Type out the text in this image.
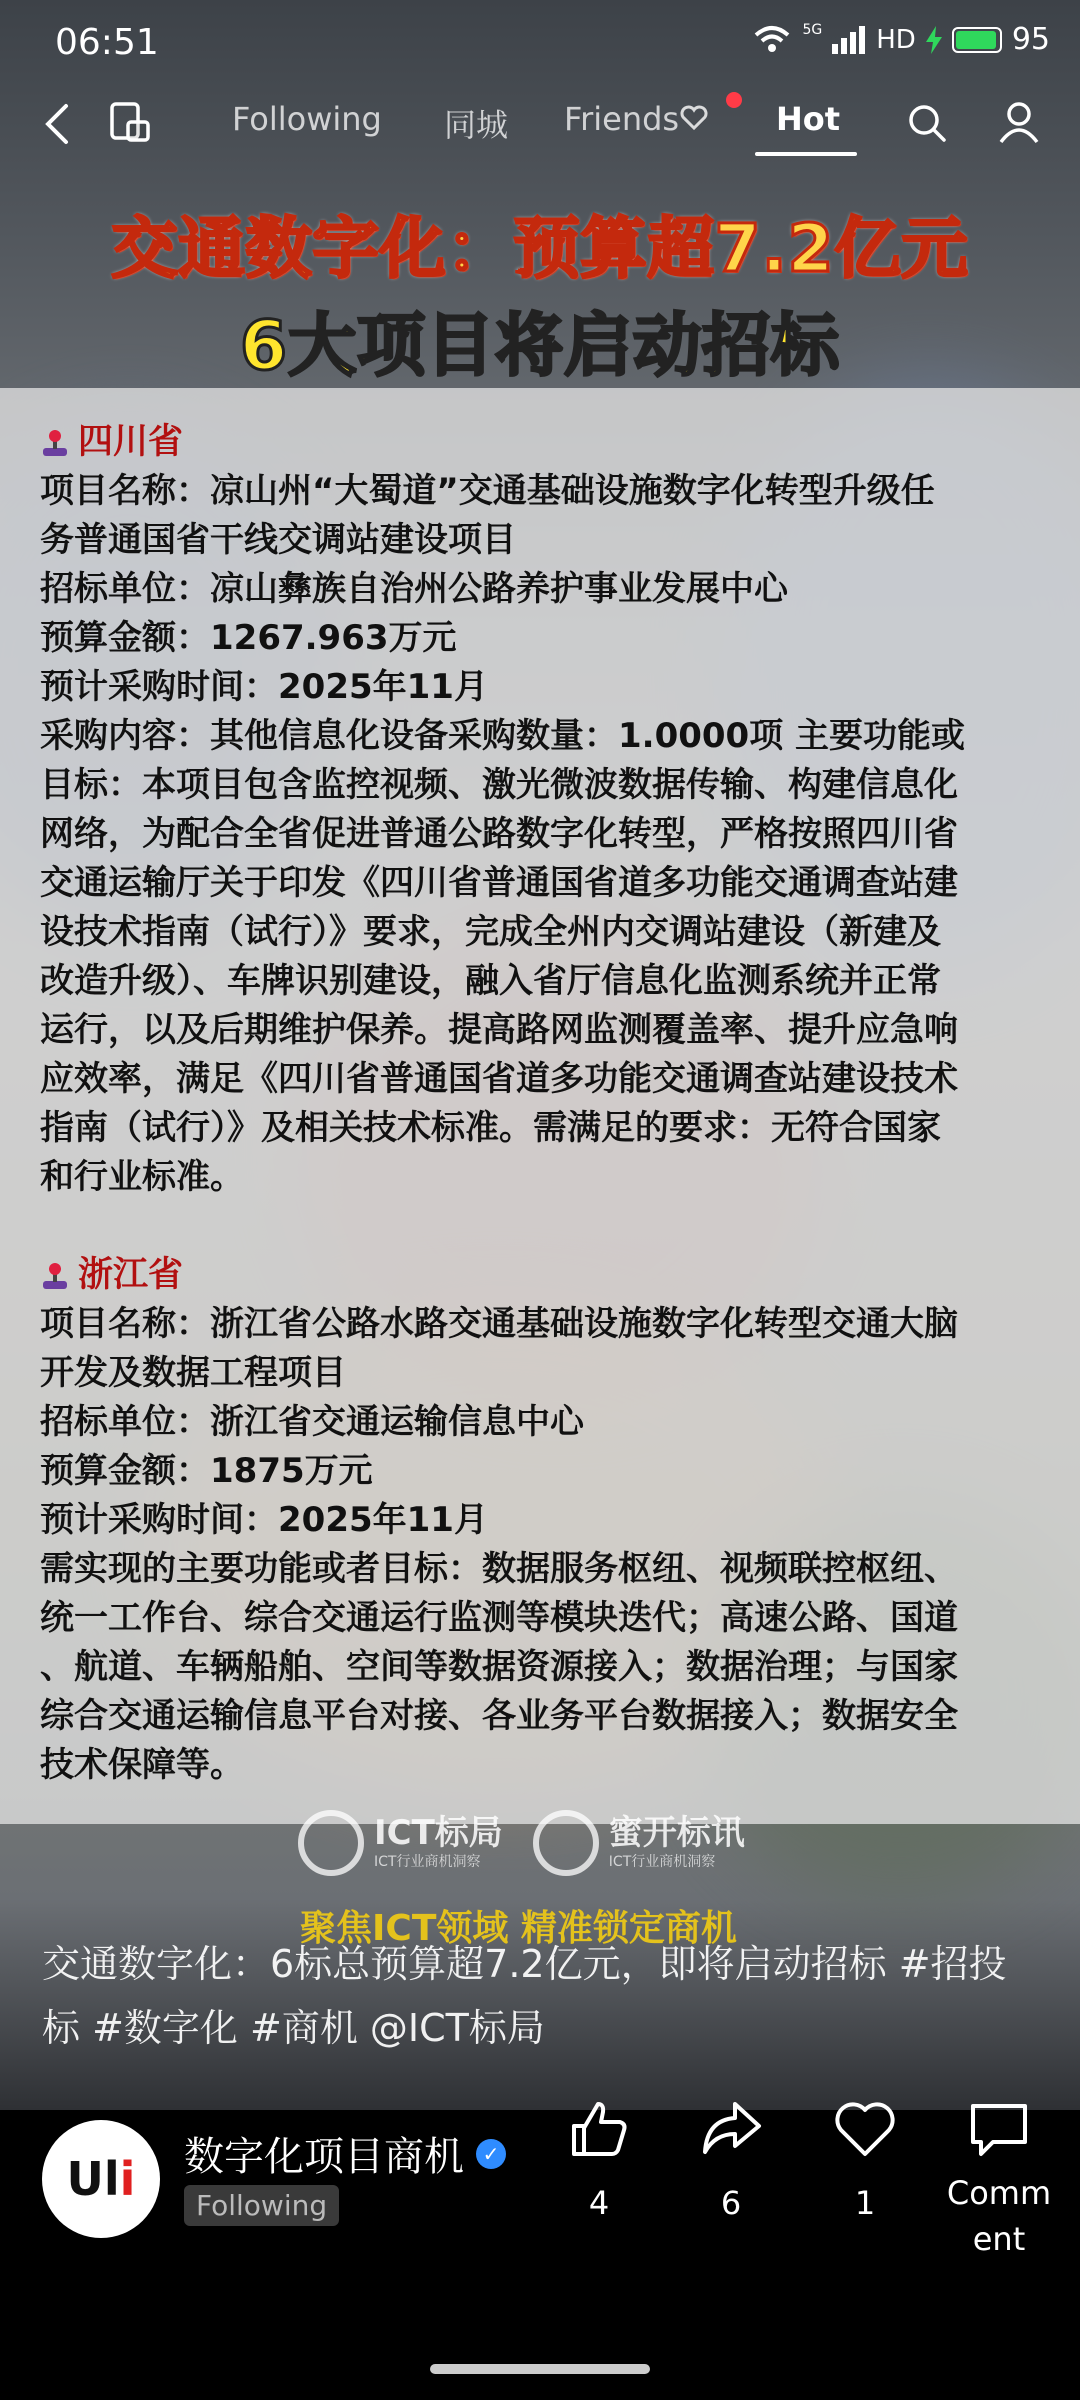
06:51	5G HD	95
Following 同城 Friends	Hot
交通数字化：预算超7.2亿元
6大项目将启动招标
四川省
项目名称：凉山州“大蜀道”交通基础设施数字化转型升级任
务普通国省干线交调站建设项目
招标单位：凉山彝族自治州公路养护事业发展中心
预算金额：1267.963万元
预计采购时间：2025年11月
采购内容：其他信息化设备采购数量：1.0000项 主要功能或
目标：本项目包含监控视频、激光微波数据传输、构建信息化
网络，为配合全省促进普通公路数字化转型，严格按照四川省
交通运输厅关于印发《四川省普通国省道多功能交通调查站建
设技术指南（试行）》要求，完成全州内交调站建设（新建及
改造升级）、车牌识别建设，融入省厅信息化监测系统并正常
运行，以及后期维护保养。提高路网监测覆盖率、提升应急响
应效率，满足《四川省普通国省道多功能交通调查站建设技术
指南（试行）》及相关技术标准。需满足的要求：无符合国家
和行业标准。
浙江省
项目名称：浙江省公路水路交通基础设施数字化转型交通大脑
开发及数据工程项目
招标单位：浙江省交通运输信息中心
预算金额：1875万元
预计采购时间：2025年11月
需实现的主要功能或者目标：数据服务枢纽、视频联控枢纽、
统一工作台、综合交通运行监测等模块迭代；高速公路、国道
、航道、车辆船舶、空间等数据资源接入；数据治理；与国家
综合交通运输信息平台对接、各业务平台数据接入；数据安全
技术保障等。
ICT标局
ICT行业商机洞察
蜜开标讯
ICT行业商机洞察
聚焦ICT领域 精准锁定商机
交通数字化：6标总预算超7.2亿元，即将启动招标 #招投标 #数字化 #商机 @ICT标局
Uli 数字化项目商机 ✓
Following	4	6	1	Comm
ent
